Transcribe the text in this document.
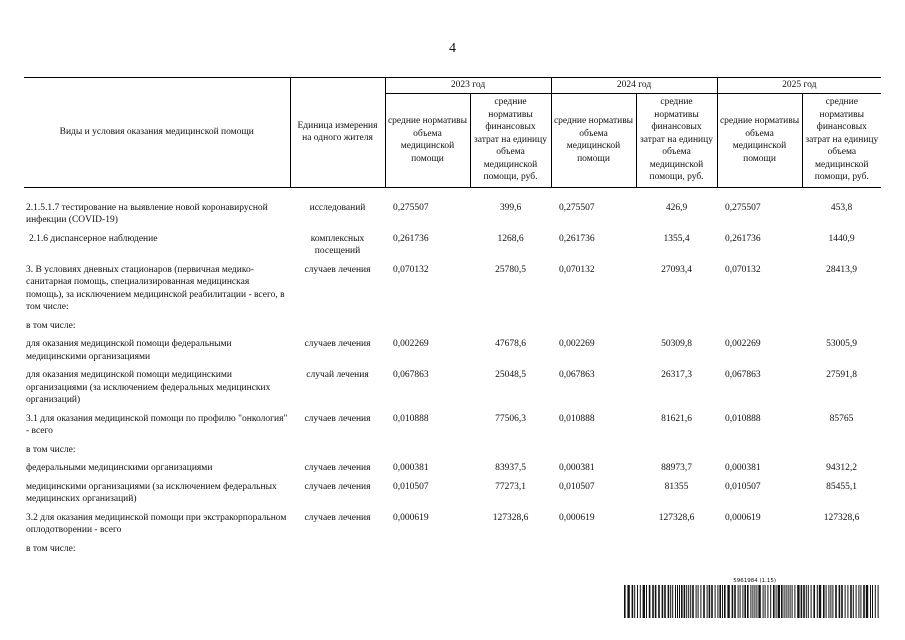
4
Виды и условия оказания медицинской помощи	Единица измерения на одного жителя	2023 год		2024 год		2025 год	
		средние нормативы объема медицинской помощи	средние нормативы финансовых затрат на единицу объема медицинской помощи, руб.	средние нормативы объема медицинской помощи	средние нормативы финансовых затрат на единицу объема медицинской помощи, руб.	средние нормативы объема медицинской помощи	средние нормативы финансовых затрат на единицу объема медицинской помощи, руб.

2.1.5.1.7 тестирование на выявление новой коронавирусной инфекции (COVID-19)	исследований	0,275507	399,6	0,275507	426,9	0,275507	453,8
2.1.6 диспансерное наблюдение	комплексных посещений	0,261736	1268,6	0,261736	1355,4	0,261736	1440,9
3. В условиях дневных стационаров (первичная медико-санитарная помощь, специализированная медицинская помощь), за исключением медицинской реабилитации - всего, в том числе:	случаев лечения	0,070132	25780,5	0,070132	27093,4	0,070132	28413,9
в том числе:							
для оказания медицинской помощи федеральными медицинскими организациями	случаев лечения	0,002269	47678,6	0,002269	50309,8	0,002269	53005,9
для оказания медицинской помощи медицинскими организациями (за исключением федеральных медицинских организаций)	случай лечения	0,067863	25048,5	0,067863	26317,3	0,067863	27591,8
3.1 для оказания медицинской помощи по профилю "онкология" - всего	случаев лечения	0,010888	77506,3	0,010888	81621,6	0,010888	85765
в том числе:							
федеральными медицинскими организациями	случаев лечения	0,000381	83937,5	0,000381	88973,7	0,000381	94312,2
медицинскими организациями (за исключением федеральных медицинских организаций)	случаев лечения	0,010507	77273,1	0,010507	81355	0,010507	85455,1
3.2 для оказания медицинской помощи при экстракорпоральном оплодотворении - всего	случаев лечения	0,000619	127328,6	0,000619	127328,6	0,000619	127328,6
в том числе:							
5961984 (1.15)
